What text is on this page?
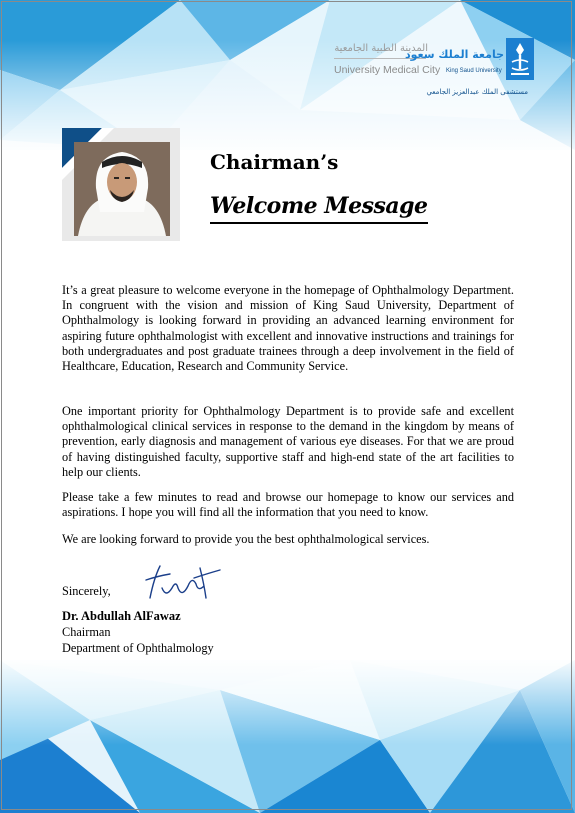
المدينة الطبية الجامعية
University Medical City
جامعة الملك سعود
King Saud University
مستشفى الملك عبدالعزيز الجامعي
Chairman’s
Welcome Message

It’s a great pleasure to welcome everyone in the homepage of Ophthalmology Department. In congruent with the vision and mission of King Saud University, Department of Ophthalmology is looking forward in providing an advanced learning environment for aspiring future ophthalmologist with excellent and innovative instructions and trainings for both undergraduates and post graduate trainees through a deep involvement in the field of Healthcare, Education, Research and Community Service.

One important priority for Ophthalmology Department is to provide safe and excellent ophthalmological clinical services in response to the demand in the kingdom by means of prevention, early diagnosis and management of various eye diseases. For that we are proud of having distinguished faculty, supportive staff and high-end state of the art facilities to help our clients.

Please take a few minutes to read and browse our homepage to know our services and aspirations. I hope you will find all the information that you need to know.

We are looking forward to provide you the best ophthalmological services.

Sincerely,
Dr. Abdullah AlFawaz
Chairman
Department of Ophthalmology
